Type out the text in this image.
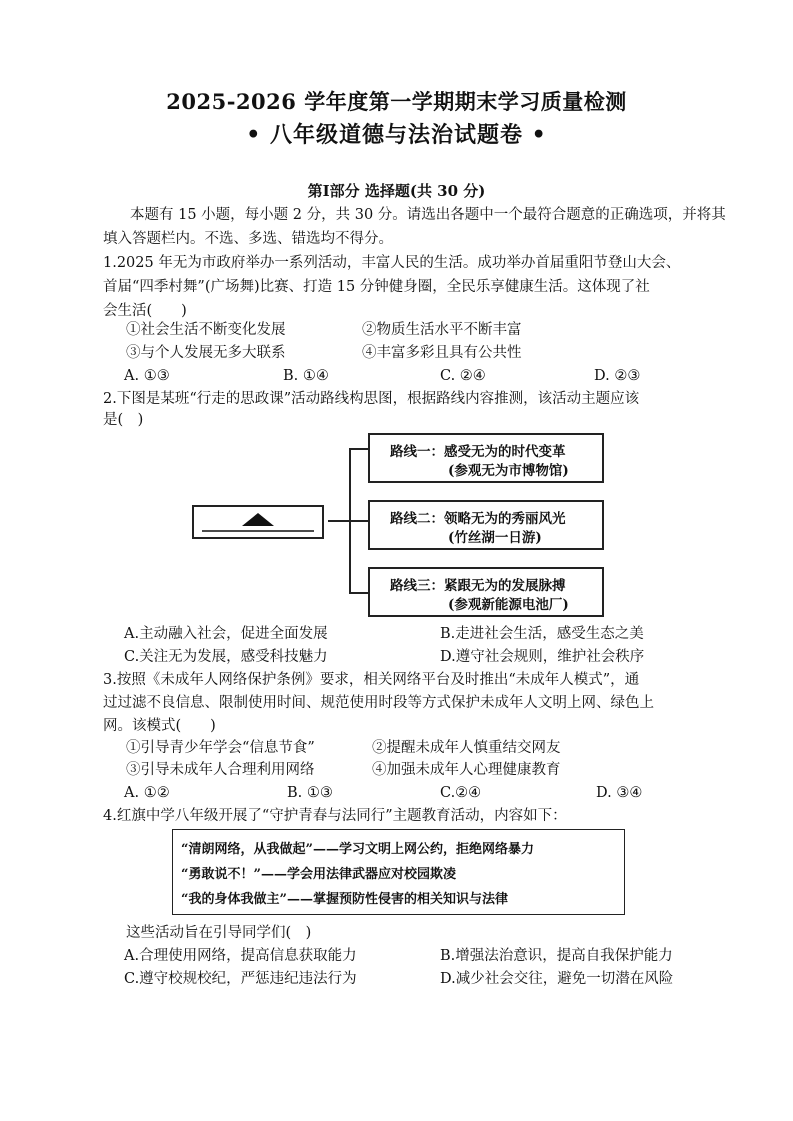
2025-2026 学年度第一学期期末学习质量检测
• 八年级道德与法治试题卷 •
第Ⅰ部分 选择题(共 30 分)
本题有 15 小题，每小题 2 分，共 30 分。请选出各题中一个最符合题意的正确选项，并将其
填入答题栏内。不选、多选、错选均不得分。
1.2025 年无为市政府举办一系列活动，丰富人民的生活。成功举办首届重阳节登山大会、
首届“四季村舞”(广场舞)比赛、打造 15 分钟健身圈，全民乐享健康生活。这体现了社
会生活(　　)
①社会生活不断变化发展	②物质生活水平不断丰富
③与个人发展无多大联系	④丰富多彩且具有公共性
A. ①③	B. ①④	C. ②④	D. ②③
2.下图是某班“行走的思政课”活动路线构思图，根据路线内容推测，该活动主题应该
是(　)
路线一：感受无为的时代变革
(参观无为市博物馆)
路线二：领略无为的秀丽风光
(竹丝湖一日游)
路线三：紧跟无为的发展脉搏
(参观新能源电池厂)
A.主动融入社会，促进全面发展	B.走进社会生活，感受生态之美
C.关注无为发展，感受科技魅力	D.遵守社会规则，维护社会秩序
3.按照《未成年人网络保护条例》要求，相关网络平台及时推出“未成年人模式”，通
过过滤不良信息、限制使用时间、规范使用时段等方式保护未成年人文明上网、绿色上
网。该模式(　　)
①引导青少年学会“信息节食”	②提醒未成年人慎重结交网友
③引导未成年人合理利用网络	④加强未成年人心理健康教育
A. ①②	B. ①③	C.②④	D. ③④
4.红旗中学八年级开展了“守护青春与法同行”主题教育活动，内容如下：
“清朗网络，从我做起”——学习文明上网公约，拒绝网络暴力
“勇敢说不！”——学会用法律武器应对校园欺凌
“我的身体我做主”——掌握预防性侵害的相关知识与法律
这些活动旨在引导同学们(　)
A.合理使用网络，提高信息获取能力	B.增强法治意识，提高自我保护能力
C.遵守校规校纪，严惩违纪违法行为	D.减少社会交往，避免一切潜在风险
